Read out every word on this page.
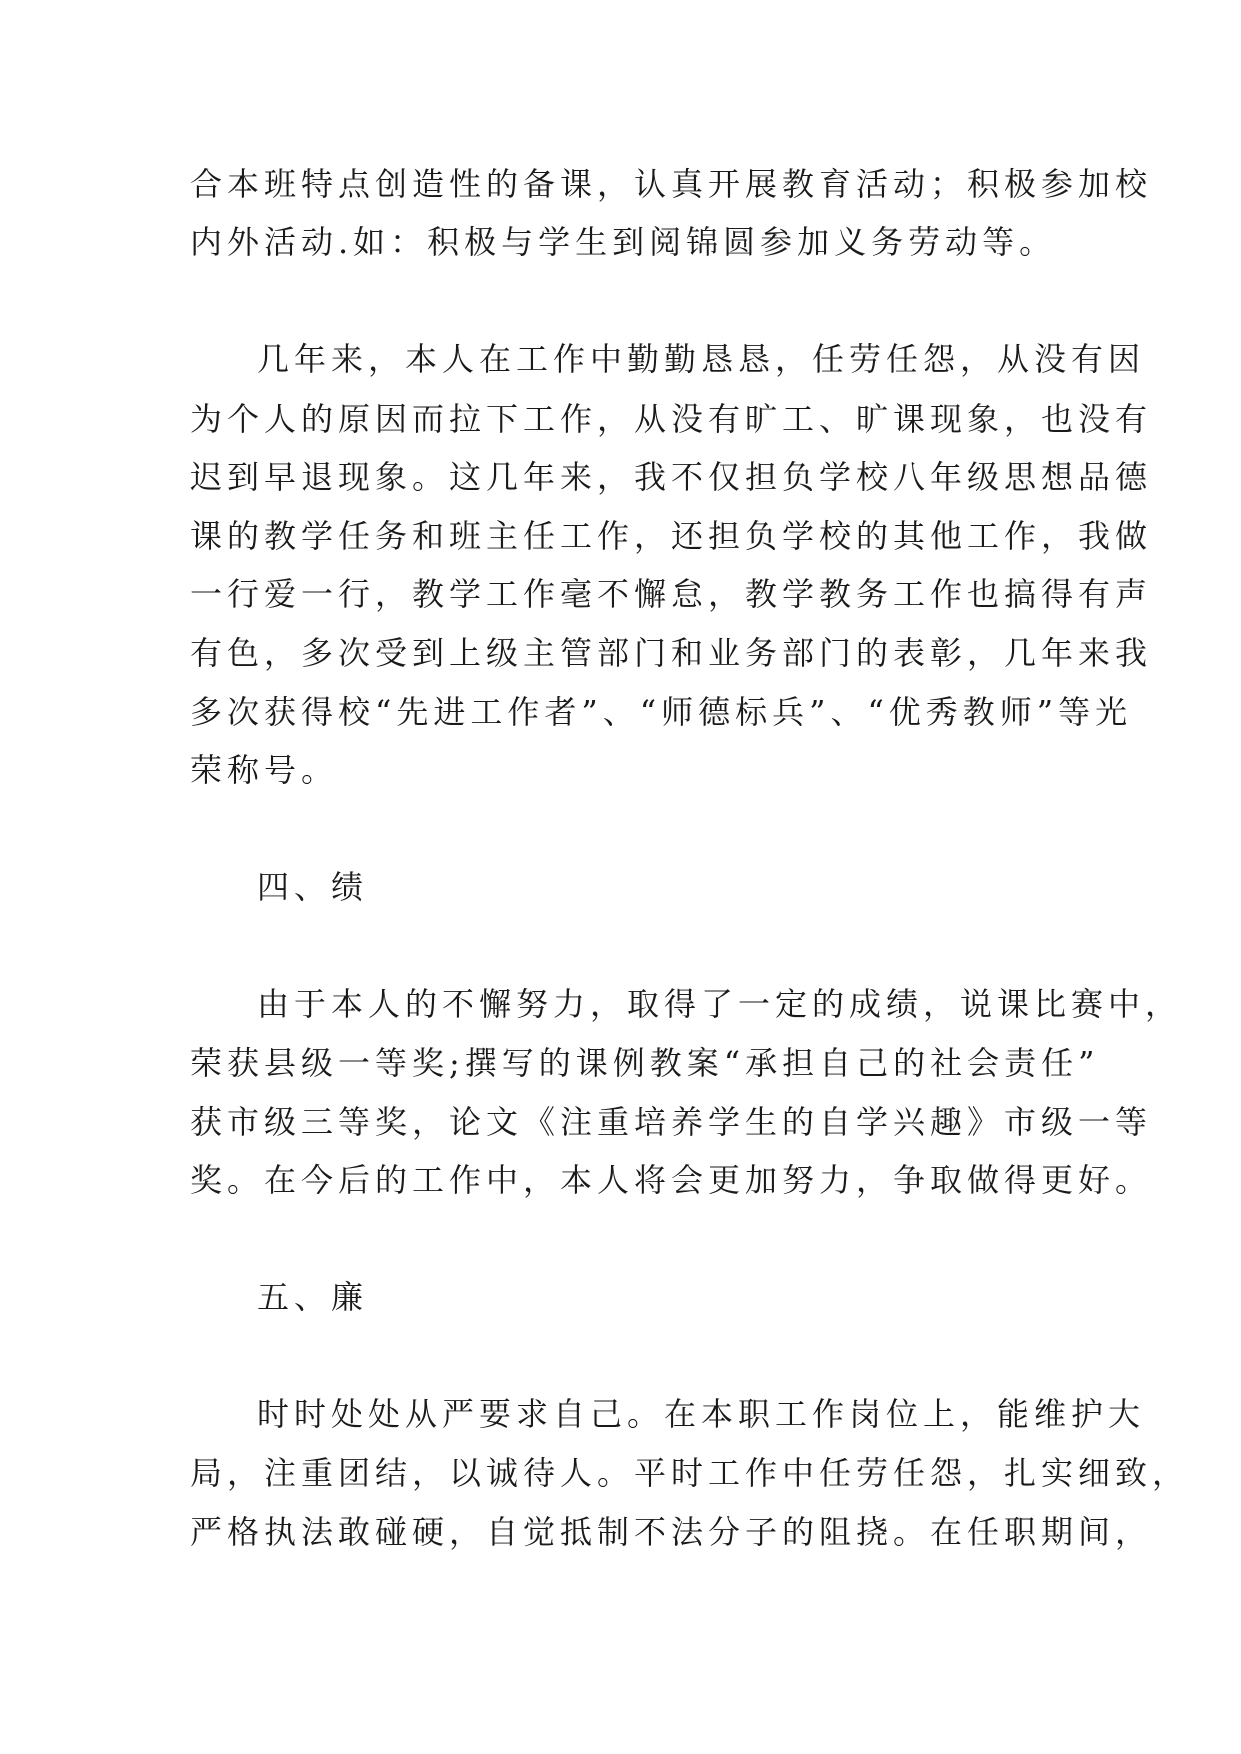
合本班特点创造性的备课，认真开展教育活动；积极参加校
内外活动.如：积极与学生到阅锦圆参加义务劳动等。
几年来，本人在工作中勤勤恳恳，任劳任怨，从没有因
为个人的原因而拉下工作，从没有旷工、旷课现象，也没有
迟到早退现象。这几年来，我不仅担负学校八年级思想品德
课的教学任务和班主任工作，还担负学校的其他工作，我做
一行爱一行，教学工作毫不懈怠，教学教务工作也搞得有声
有色，多次受到上级主管部门和业务部门的表彰，几年来我
多次获得校“先进工作者”、“师德标兵”、“优秀教师”等光
荣称号。
四、绩
由于本人的不懈努力，取得了一定的成绩，说课比赛中，
荣获县级一等奖;撰写的课例教案“承担自己的社会责任”
获市级三等奖，论文《注重培养学生的自学兴趣》市级一等
奖。在今后的工作中，本人将会更加努力，争取做得更好。
五、廉
时时处处从严要求自己。在本职工作岗位上，能维护大
局，注重团结，以诚待人。平时工作中任劳任怨，扎实细致，
严格执法敢碰硬，自觉抵制不法分子的阻挠。在任职期间，
